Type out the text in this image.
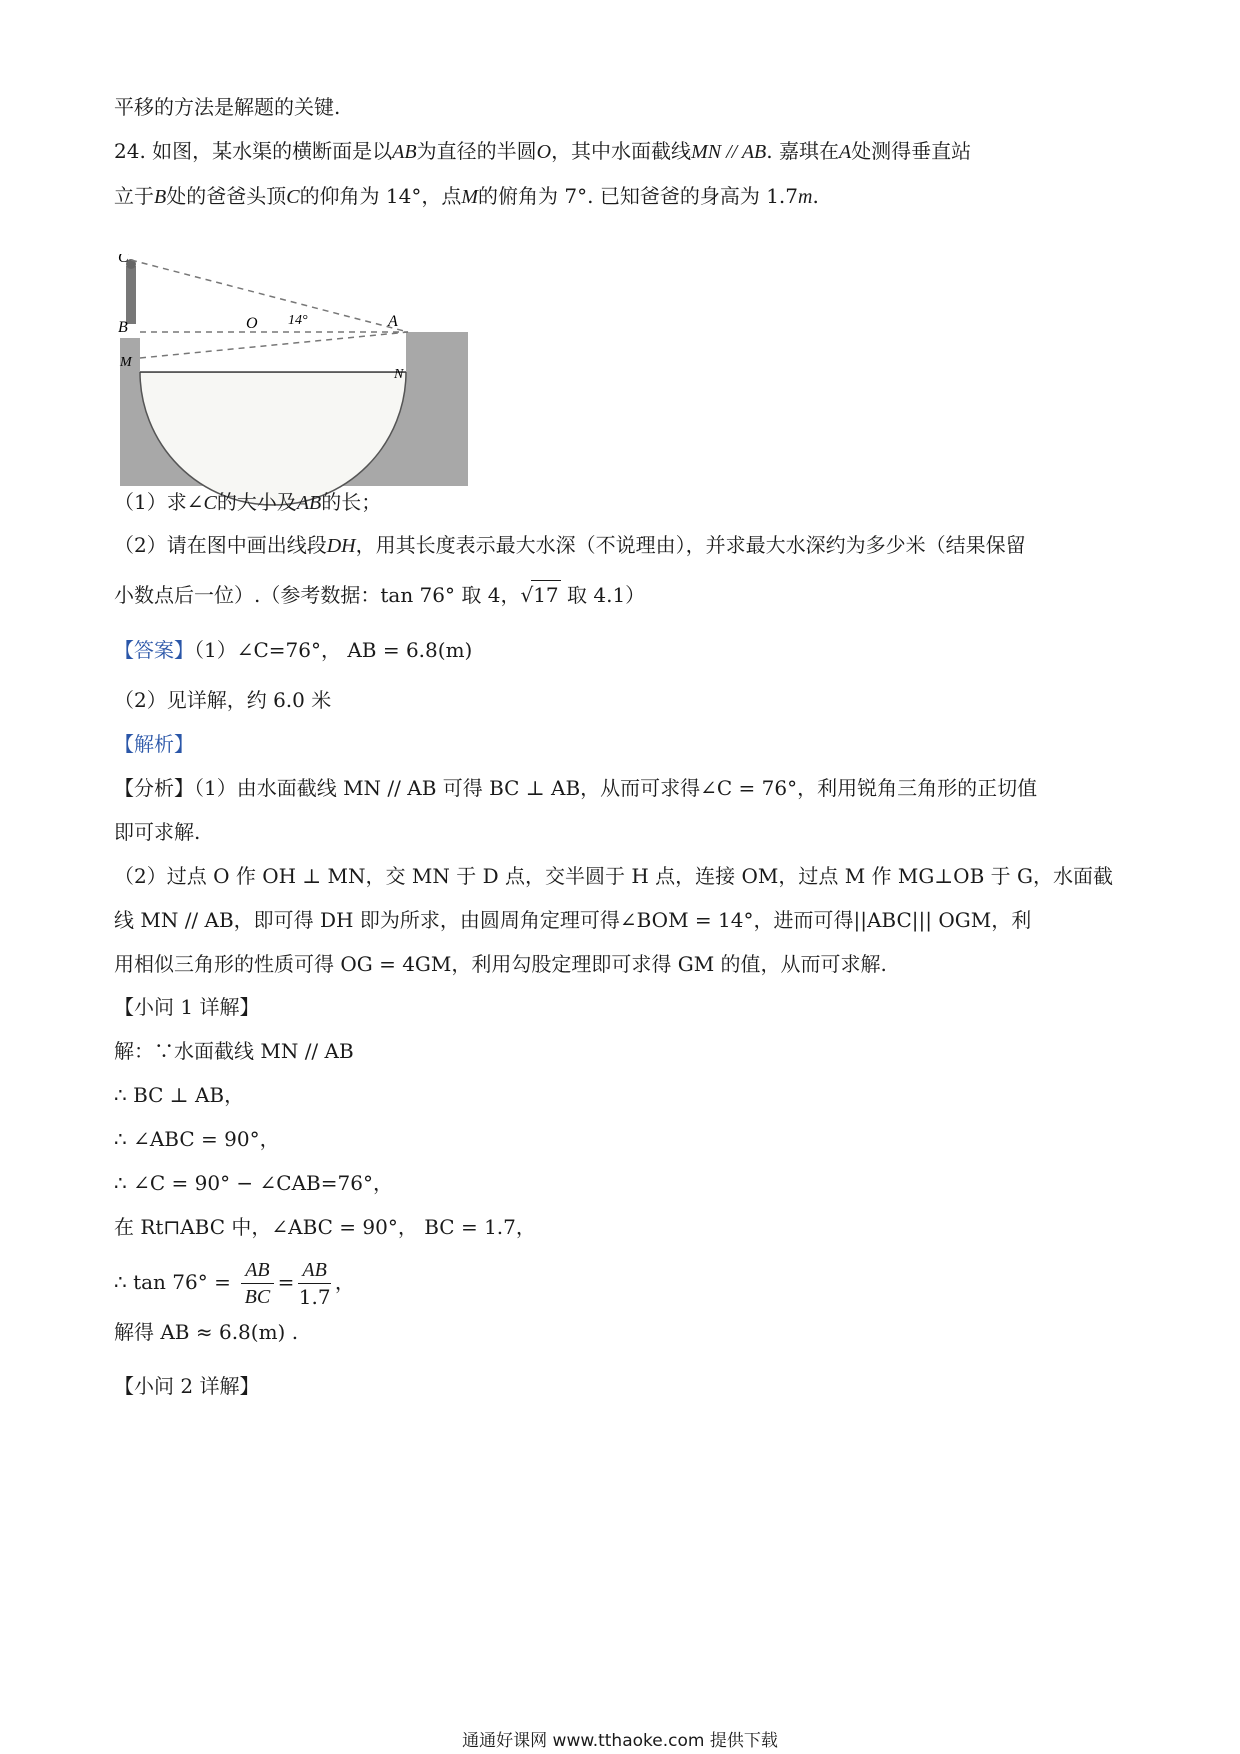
平移的方法是解题的关键.
24. 如图，某水渠的横断面是以AB为直径的半圆O，其中水面截线MN // AB. 嘉琪在A处测得垂直站
立于B处的爸爸头顶C的仰角为 14°，点M的俯角为 7°. 已知爸爸的身高为 1.7m.
C
B	O	A
M
N
14°
（1）求∠C的大小及AB的长；
（2）请在图中画出线段DH，用其长度表示最大水深（不说理由），并求最大水深约为多少米（结果保留
小数点后一位）.（参考数据：tan 76° 取 4，√17 取 4.1）
【答案】（1）∠C=76°， AB = 6.8(m)
（2）见详解，约 6.0 米
【解析】
【分析】（1）由水面截线 MN // AB 可得 BC ⊥ AB，从而可求得∠C = 76°，利用锐角三角形的正切值
即可求解.
（2）过点 O 作 OH ⊥ MN，交 MN 于 D 点，交半圆于 H 点，连接 OM，过点 M 作 MG⊥OB 于 G，水面截
线 MN // AB，即可得 DH 即为所求，由圆周角定理可得∠BOM = 14°，进而可得||ABC||| OGM，利
用相似三角形的性质可得 OG = 4GM，利用勾股定理即可求得 GM 的值，从而可求解.
【小问 1 详解】
解：∵水面截线 MN // AB
∴ BC ⊥ AB，
∴ ∠ABC = 90°，
∴ ∠C = 90° − ∠CAB=76°，
在 Rt⊓ABC 中，∠ABC = 90°， BC = 1.7，
∴ $\tan 76^\circ = \frac{AB}{BC} = \frac{AB}{1.7}$ ，
解得 AB ≈ 6.8(m) .
【小问 2 详解】
通通好课网 www.tthaoke.com 提供下载
